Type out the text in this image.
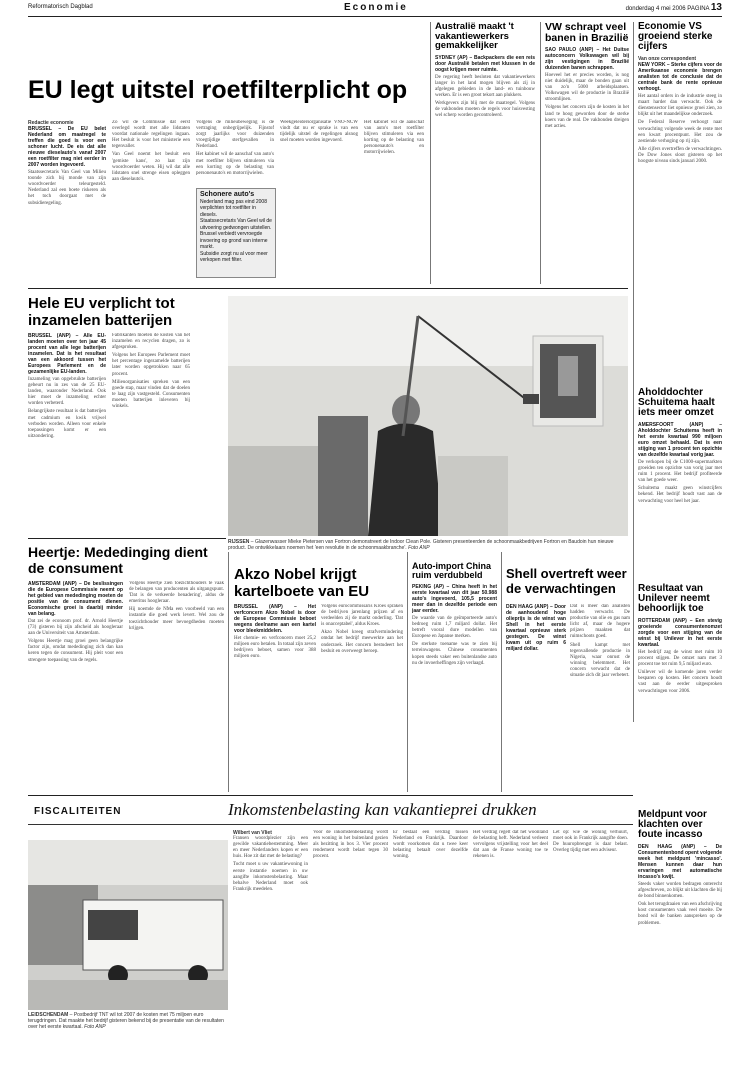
Reformatorisch Dagblad	Economie	donderdag 4 mei 2006 PAGINA 13
EU legt uitstel roetfilterplicht op
Redactie economie

BRUSSEL – De EU belet Nederland om maatregel te treffen die goed is voor een schoner lucht. De eis dat alle nieuwe dieselauto's vanaf 2007 een roetfilter mag niet eerder in 2007 worden ingevoerd.

Staatssecretaris Van Geel van Milieu toonde zich bij monde van zijn woordvoerder teleurgesteld. Nederland zal een boete riskeren als het toch doorgaat met de subsidieregeling.

Zo wil de Commissie dat eerst overlegd wordt met alle lidstaten voordat nationale regelingen ingaan. Het besluit is voor het ministerie een tegenvaller.

Van Geel noemt het besluit een 'gemiste kans', zo laat zijn woordvoerder weten. Hij wil dat alle lidstaten snel strenge eisen opleggen aan dieselauto's.

Volgens de milieubeweging is de vertraging onbegrijpelijk. Fijnstof zorgt jaarlijks voor duizenden vroegtijdige sterfgevallen in Nederland.

Het kabinet wil de aanschaf van auto's met roetfilter blijven stimuleren via een korting op de belasting van personenauto's en motorrijwielen.

Weekgeleidersorganisatie VNO-NCW vindt dat nu er sprake is van een tijdelijk uitstel de regelingen alsnog snel moeten worden ingevoerd.

Schonere auto's
Nederland mag pas eind 2008 verplichten tot roetfilter in diesels.
Staatssecretaris Van Geel wil de uitvoering gedwongen uitstellen.
Brussel verbiedt vervroegde invoering op grond van interne markt.
Subsidie zorgt nu al voor meer verkopen met filter.

Het kabinet wil de aanschaf van auto's met roetfilter blijven stimuleren via een korting op de belasting van personenauto's en motorrijwielen.

Australië maakt 't vakantiewerkers gemakkelijker

SYDNEY (AP) – Backpackers die een reis door Australië betalen met klussen in de oogst krijgen meer ruimte.

De regering heeft besloten dat vakantiewerkers langer in het land mogen blijven als zij in afgelegen gebieden in de land- en tuinbouw werken. Er is een groot tekort aan plukkers.

Werkgevers zijn blij met de maatregel. Volgens de vakbonden moeten de regels voor huisvesting wel scherp worden gecontroleerd.

VW schrapt veel banen in Brazilië

SAO PAULO (ANP) – Het Duitse autoconcern Volkswagen wil bij zijn vestigingen in Brazilië duizenden banen schrappen.

Hoeveel het er precies worden, is nog niet duidelijk, maar de bonden gaan uit van zo'n 5000 arbeidsplaatsen. Volkswagen wil de productie in Brazilië stroomlijnen.

Volgens het concern zijn de kosten in het land te hoog geworden door de sterke koers van de real. De vakbonden dreigen met acties.

Economie VS groeiend sterke cijfers
Van onze correspondent

NEW YORK – Sterke cijfers voor de Amerikaanse economie brengen analisten tot de conclusie dat de centrale bank de rente opnieuw verhoogt.

Het aantal orders in de industrie steeg in maart harder dan verwacht. Ook de dienstensector liet opnieuw groei zien, zo blijkt uit het maandelijkse onderzoek.

De Federal Reserve verhoogt naar verwachting volgende week de rente met een kwart procentpunt. Het zou de zestiende verhoging op rij zijn.

Alle cijfers overtreffen de verwachtingen. De Dow Jones sloot gisteren op het hoogste niveau sinds januari 2000.

Hele EU verplicht tot inzamelen batterijen

BRUSSEL (ANP) – Alle EU-landen moeten over ten jaar 45 procent van alle lege batterijen inzamelen. Dat is het resultaat van een akkoord tussen het Europees Parlement en de gezamenlijke EU-landen.

Inzameling van opgebruikte batterijen gebeurt nu in zes van de 25 EU-landen, waaronder Nederland. Ook hier moet de inzameling echter worden verbeterd.

Belangrijkste resultaat is dat batterijen met cadmium en kwik vrijwel verboden worden. Alleen voor enkele toepassingen komt er een uitzondering.

Fabrikanten moeten de kosten van het inzamelen en recyclen dragen, zo is afgesproken.

Volgens het Europees Parlement moet het percentage ingezamelde batterijen later worden opgetrokken naar 65 procent.

Milieuorganisaties spreken van een goede stap, maar vinden dat de doelen te laag zijn vastgesteld. Consumenten moeten batterijen inleveren bij winkels.

RIJSSEN – Glazenwasser Mieke Pietersen van Fortron demonstreert de Indoor Clean Pole. Gisteren presenteerden de schoonmaakbedrijven Fortron en Baudoin hun nieuwe product. De ontwikkelaars noemen het 'een revolutie in de schoonmaakbranche'. Foto ANP
Aholddochter Schuitema haalt iets meer omzet

AMERSFOORT (ANP) – Aholddochter Schuitema heeft in het eerste kwartaal 990 miljoen euro omzet behaald. Dat is een stijging van 1 procent ten opzichte van dezelfde kwartaal vorig jaar.

De verkopen bij de C1000-supermarkten groeiden ten opzichte van vorig jaar met ruim 1 procent. Het bedrijf profiteerde van het goede weer.

Schuitema maakt geen winstcijfers bekend. Het bedrijf houdt vast aan de verwachting voor heel het jaar.

Resultaat van Unilever neemt behoorlijk toe

ROTTERDAM (ANP) – Een stevig groeiende consumentenomzet zorgde voor een stijging van de winst bij Unilever in het eerste kwartaal.

Het bedrijf zag de winst met ruim 10 procent stijgen. De omzet nam met 3 procent toe tot ruim 9,5 miljard euro.

Unilever wil de komende jaren verder besparen op kosten. Het concern houdt vast aan de eerder uitgesproken verwachtingen voor 2006.

Heertje: Mededinging dient de consument

AMSTERDAM (ANP) – De beslissingen die de Europese Commissie neemt op het gebied van mededinging moeten de positie van de consument dienen. Economische groei is daarbij minder van belang.

Dat zei de econoom prof. dr. Arnold Heertje (73) gisteren bij zijn afscheid als hoogleraar aan de Universiteit van Amsterdam.

Volgens Heertje mag groei geen belangrijke factor zijn, omdat mededinging zich dan kan keren tegen de consument. Hij pleit voor een strengere toepassing van de regels.

Volgens Heertje zien toezichthouders te vaak de belangen van producenten als uitgangspunt. 'Dat is de verkeerde benadering', aldus de emeritus hoogleraar.

Hij noemde de NMa een voorbeeld van een instantie die goed werk levert. Wel zou de toezichthouder meer bevoegdheden moeten krijgen.

Akzo Nobel krijgt kartelboete van EU

BRUSSEL (ANP) – Het verfconcern Akzo Nobel is door de Europese Commissie beboet wegens deelname aan een kartel voor bleekmiddelen.

Het chemie- en verfconcern moet 25,2 miljoen euro betalen. In totaal zijn zeven bedrijven beboet, samen voor 388 miljoen euro.

Volgens eurocommissaris Kroes spraken de bedrijven jarenlang prijzen af en verdeelden zij de markt onderling. 'Dat is onacceptabel', aldus Kroes.

Akzo Nobel kreeg strafvermindering omdat het bedrijf meewerkte aan het onderzoek. Het concern bestudeert het besluit en overweegt beroep.

Auto-import China ruim verdubbeld

PEKING (AP) – China heeft in het eerste kwartaal van dit jaar 50.988 auto's ingevoerd, 105,5 procent meer dan in dezelfde periode een jaar eerder.

De waarde van de geïmporteerde auto's bedroeg ruim 1,7 miljard dollar. Het betreft vooral dure modellen van Europese en Japanse merken.

De sterkste toename was te zien bij terreinwagens. Chinese consumenten kopen steeds vaker een buitenlandse auto nu de invoerheffingen zijn verlaagd.

Shell overtreft weer de verwachtingen

DEN HAAG (ANP) – Door de aanhoudend hoge olieprijs is de winst van Shell in het eerste kwartaal opnieuw sterk gestegen. De winst kwam uit op ruim 6 miljard dollar.

Dat is meer dan analisten hadden verwacht. De productie van olie en gas nam licht af, maar de hogere prijzen maakten dat ruimschoots goed.

Shell kampt met tegenvallende productie in Nigeria, waar onrust de winning belemmert. Het concern verwacht dat de situatie zich dit jaar verbetert.

FISCALITEITEN	Inkomstenbelasting kan vakantieprei drukken
LEIDSCHENDAM – Postbedrijf TNT wil tot 2007 de kosten met 75 miljoen euro terugdringen. Dat maakte het bedrijf gisteren bekend bij de presentatie van de resultaten over het eerste kwartaal. Foto ANP
Wilbert van Vliet

Fransen woordplezier zijn een gewilde vakantiebestemming. Meer en meer Nederlanders kopen er een huis. Hoe zit dat met de belasting?

Tocht moet u uw vakantiewoning in eerste instantie noemen in uw aangifte inkomstenbelasting. Maar behalve Nederland moet ook Frankrijk meedelen.

Voor de inkomstenbelasting wordt een woning in het buitenland gezien als bezitting in box 3. Vier procent rendement wordt belast tegen 30 procent.

Er bestaat een verdrag tussen Nederland en Frankrijk. Daardoor wordt voorkomen dat u twee keer belasting betaalt over dezelfde woning.

Het verdrag regelt dat het woonland de belasting heft. Nederland verleent vervolgens vrijstelling voor het deel dat aan de Franse woning toe te rekenen is.

Let op: wie de woning verhuurt, moet ook in Frankrijk aangifte doen. De huuropbrengst is daar belast. Overleg tijdig met een adviseur.

Meldpunt voor klachten over foute incasso

DEN HAAG (ANP) – De Consumentenbond opent volgende week het meldpunt 'mincasso'. Mensen kunnen daar hun ervaringen met automatische incasso's kwijt.

Steeds vaker worden bedragen onterecht afgeschreven, zo blijkt uit klachten die bij de bond binnenkomen.

Ook het terugdraaien van een afschrijving kost consumenten vaak veel moeite. De bond wil de banken aanspreken op de problemen.
